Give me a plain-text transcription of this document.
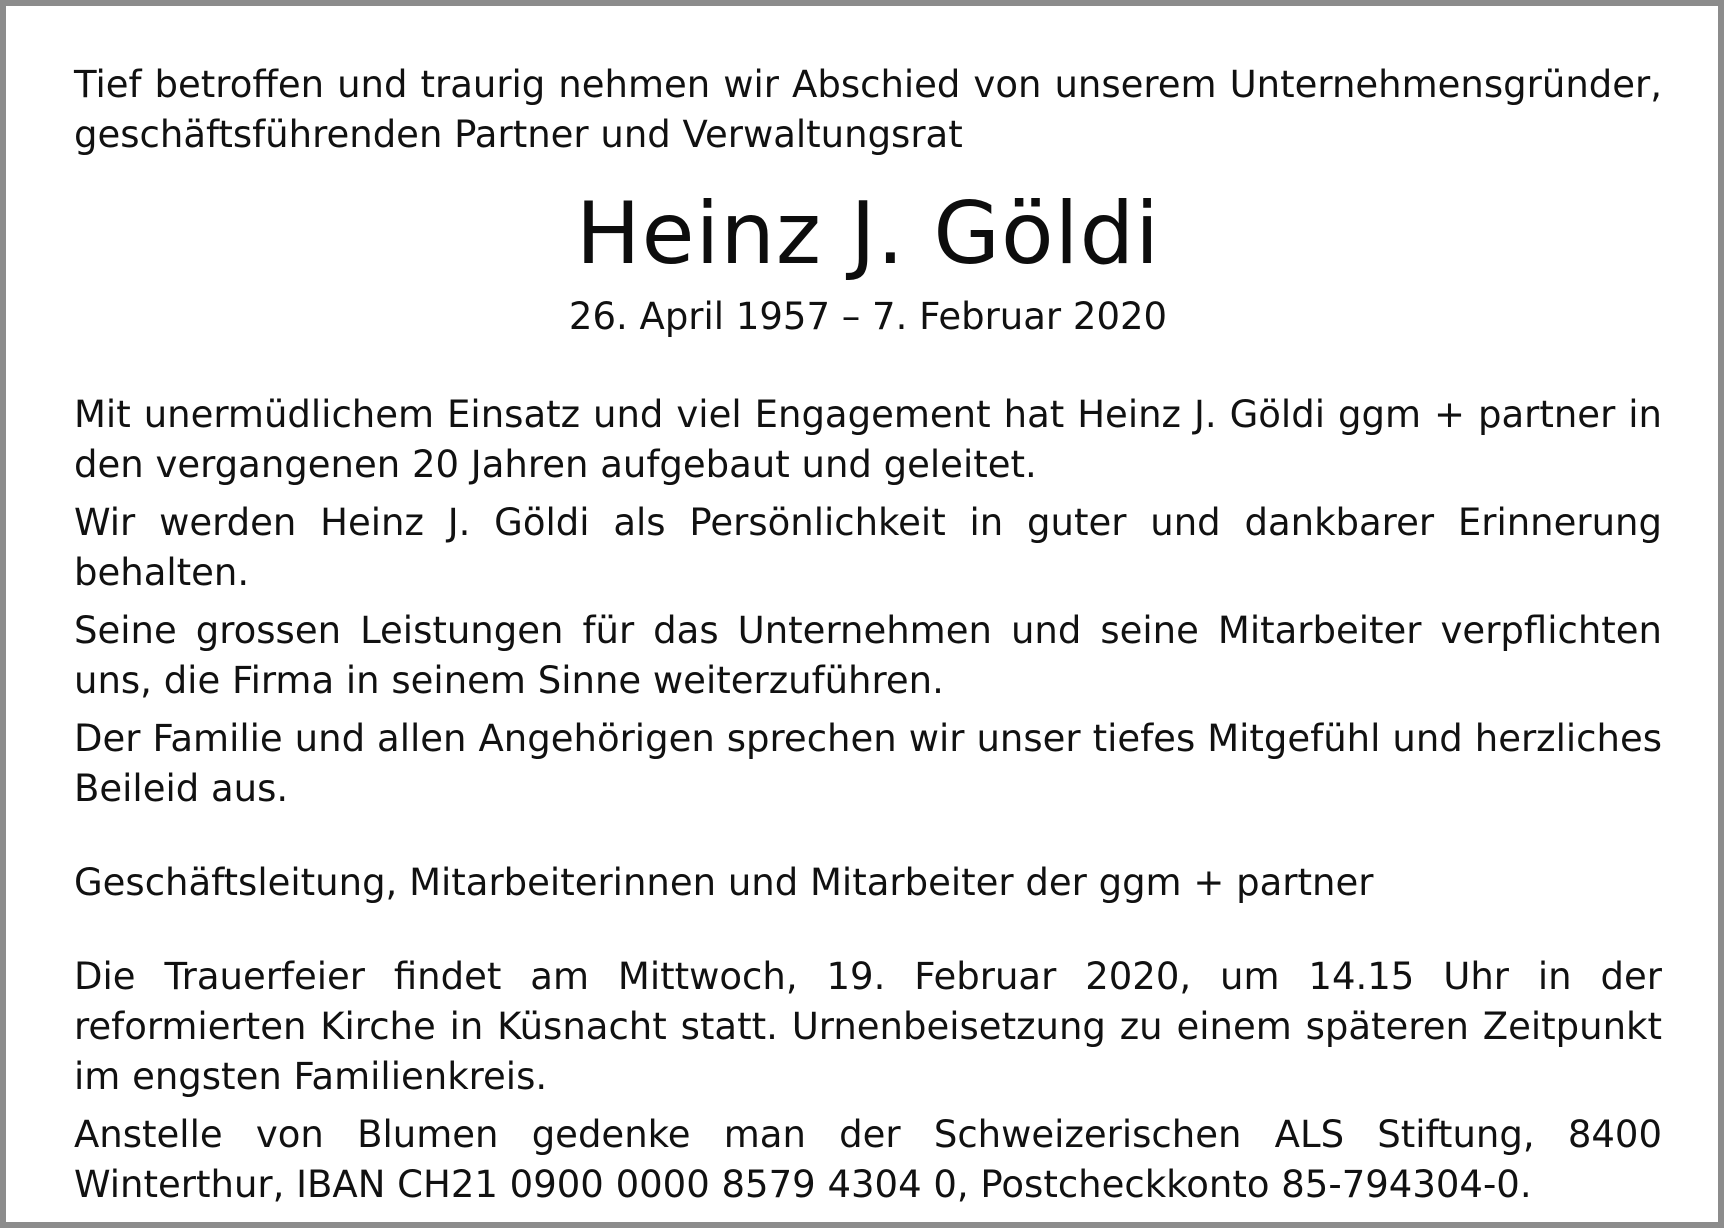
Tief betroffen und traurig nehmen wir Abschied von unserem Unternehmensgründer, geschäftsführenden Partner und Verwaltungsrat

Heinz J. Göldi

26. April 1957 – 7. Februar 2020

Mit unermüdlichem Einsatz und viel Engagement hat Heinz J. Göldi ggm + partner in den vergangenen 20 Jahren aufgebaut und geleitet.

Wir werden Heinz J. Göldi als Persönlichkeit in guter und dankbarer Erinnerung behalten.

Seine grossen Leistungen für das Unternehmen und seine Mitarbeiter verpflichten uns, die Firma in seinem Sinne weiterzuführen.

Der Familie und allen Angehörigen sprechen wir unser tiefes Mitgefühl und herzliches Beileid aus.

Geschäftsleitung, Mitarbeiterinnen und Mitarbeiter der ggm + partner

Die Trauerfeier findet am Mittwoch, 19. Februar 2020, um 14.15 Uhr in der reformierten Kirche in Küsnacht statt. Urnenbeisetzung zu einem späteren Zeitpunkt im engsten Familienkreis.

Anstelle von Blumen gedenke man der Schweizerischen ALS Stiftung, 8400 Winterthur, IBAN CH21 0900 0000 8579 4304 0, Postcheckkonto 85-794304-0.
